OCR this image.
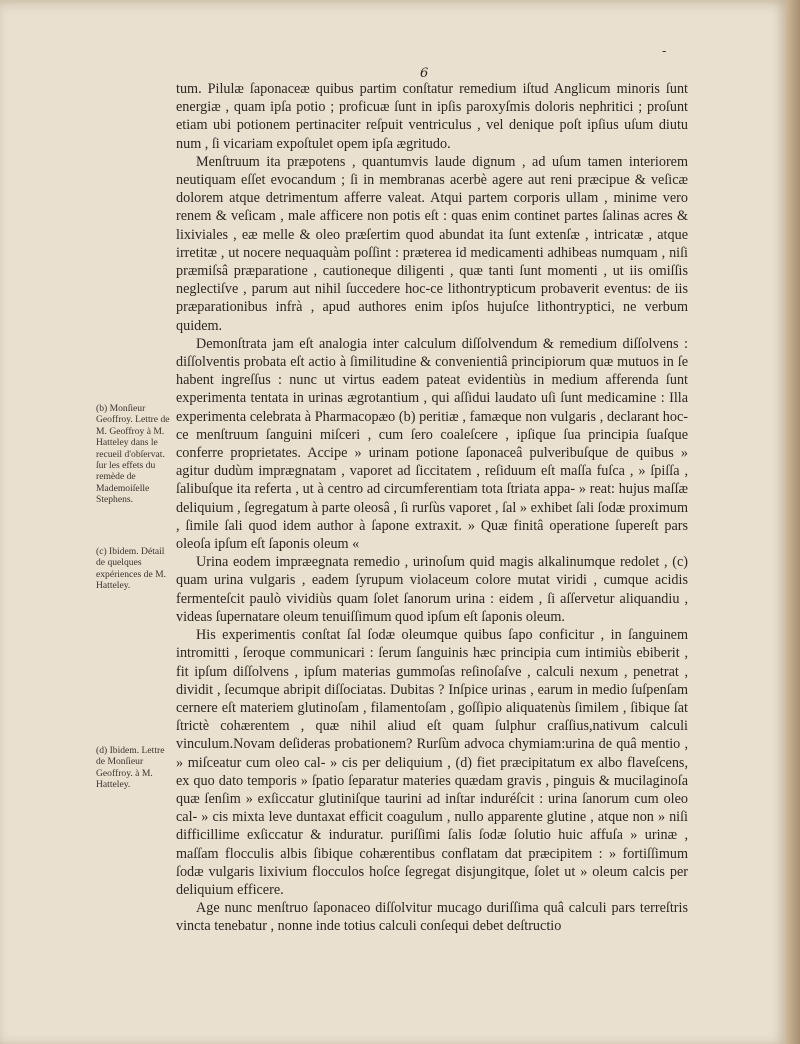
-
6

tum. Pilulæ ſaponaceæ quibus partim conſtatur remedium iſtud Anglicum minoris ſunt energiæ , quam ipſa potio ; proficuæ ſunt in ipſis paroxyſmis doloris nephritici ; proſunt etiam ubi potionem pertinaciter reſpuit ventriculus , vel denique poſt ipſius uſum diutu num , ſi vicariam expoſtulet opem ipſa ægritudo.

Menſtruum ita præpotens , quantumvis laude dignum , ad uſum tamen interiorem neutiquam eſſet evocandum ; ſi in membranas acerbè agere aut reni præcipue & veſicæ dolorem atque detrimentum afferre valeat. Atqui partem corporis ullam , minime vero renem & veſicam , male afficere non potis eſt : quas enim continet partes ſalinas acres & lixiviales , eæ melle & oleo præſertim quod abundat ita ſunt extenſæ , intricatæ , atque irretitæ , ut nocere nequaquàm poſſint : præterea id medicamenti adhibeas numquam , niſi præmiſsâ præparatione , cautioneque diligenti , quæ tanti ſunt momenti , ut iis omiſſis neglectiſve , parum aut nihil ſuccedere hoc-ce lithontrypticum probaverit eventus: de iis præparationibus infrà , apud authores enim ipſos hujuſce lithontryptici, ne verbum quidem.

Demonſtrata jam eſt analogia inter calculum diſſolvendum & remedium diſſolvens : diſſolventis probata eſt actio à ſimilitudine & convenientiâ principiorum quæ mutuos in ſe habent ingreſſus : nunc ut virtus eadem pateat evidentiùs in medium afferenda ſunt experimenta tentata in urinas ægrotantium , qui aſſidui laudato uſi ſunt medicamine : Illa experimenta celebrata à Pharmacopæo (b) peritiæ , famæque non vulgaris , declarant hoc-ce menſtruum ſanguini miſceri , cum ſero coaleſcere , ipſique ſua principia ſuaſque conferre proprietates. Accipe » urinam potione ſaponaceâ pulveribuſque de quibus » agitur dudùm imprægnatam , vaporet ad ſiccitatem , reſiduum eſt maſſa fuſca , » ſpiſſa , ſalibuſque ita referta , ut à centro ad circumferentiam tota ſtriata appa- » reat: hujus maſſæ deliquium , ſegregatum à parte oleosâ , ſi rurſùs vaporet , ſal » exhibet ſali ſodæ proximum , ſimile ſali quod idem author à ſapone extraxit. » Quæ finitâ operatione ſupereſt pars oleoſa ipſum eſt ſaponis oleum «

Urina eodem impræegnata remedio , urinoſum quid magis alkalinumque redolet , (c) quam urina vulgaris , eadem ſyrupum violaceum colore mutat viridi , cumque acidis fermenteſcit paulò vividiùs quam ſolet ſanorum urina : eidem , ſi aſſervetur aliquandiu , videas ſupernatare oleum tenuiſſimum quod ipſum eſt ſaponis oleum.

His experimentis conſtat ſal ſodæ oleumque quibus ſapo conficitur , in ſanguinem intromitti , ſeroque communicari : ſerum ſanguinis hæc principia cum intimiùs ebiberit , fit ipſum diſſolvens , ipſum materias gummoſas reſinoſaſve , calculi nexum , penetrat , dividit , ſecumque abripit diſſociatas. Dubitas ? Inſpice urinas , earum in medio ſuſpenſam cernere eſt materiem glutinoſam , filamentoſam , goſſipio aliquatenùs ſimilem , ſibique ſat ſtrictè cohærentem , quæ nihil aliud eſt quam ſulphur craſſius,nativum calculi vinculum.Novam deſideras probationem? Rurſùm advoca chymiam:urina de quâ mentio , » miſceatur cum oleo cal- » cis per deliquium , (d) fiet præcipitatum ex albo flaveſcens, ex quo dato temporis » ſpatio ſeparatur materies quædam gravis , pinguis & mucilaginoſa quæ ſenſim » exſiccatur glutiniſque taurini ad inſtar induréſcit : urina ſanorum cum oleo cal- » cis mixta leve duntaxat efficit coagulum , nullo apparente glutine , atque non » niſi difficillime exſiccatur & induratur. puriſſimi ſalis ſodæ ſolutio huic affuſa » urinæ , maſſam flocculis albis ſibique cohærentibus conflatam dat præcipitem : » fortiſſimum ſodæ vulgaris lixivium flocculos hoſce ſegregat disjungitque, ſolet ut » oleum calcis per deliquium efficere.

Age nunc menſtruo ſaponaceo diſſolvitur mucago duriſſima quâ calculi pars terreſtris vincta tenebatur , nonne inde totius calculi conſequi debet deſtructio

(b) Monſieur Geoffroy. Lettre de M. Geoffroy à M. Hatteley dans le recueil d'obſervat. ſur les effets du remède de Mademoiſelle Stephens.
(c) Ibidem. Détail de quelques expériences de M. Hatteley.
(d) Ibidem. Lettre de Monſieur Geoffroy. à M. Hatteley.
